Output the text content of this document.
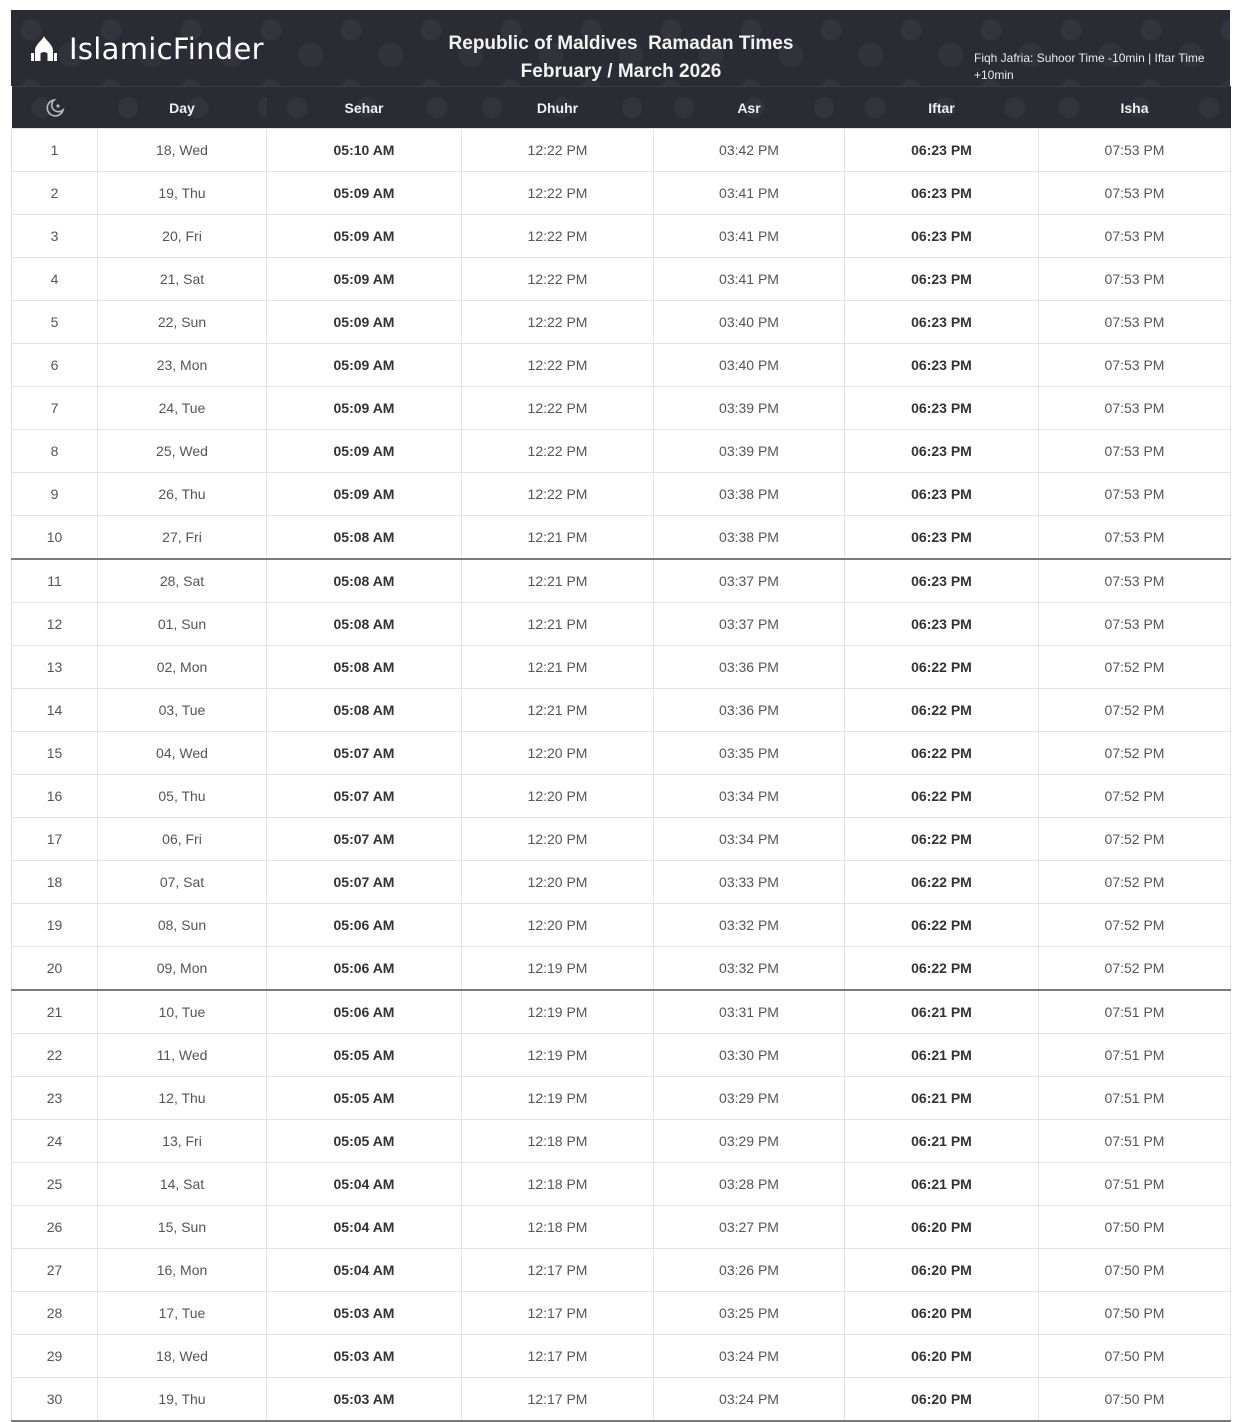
IslamicFinder	Republic of Maldives  Ramadan Times
February / March 2026
Fiqh Jafria: Suhoor Time -10min | Iftar Time +10min
	Day	Sehar	Dhuhr	Asr	Iftar	Isha
1	18, Wed	05:10 AM	12:22 PM	03:42 PM	06:23 PM	07:53 PM
2	19, Thu	05:09 AM	12:22 PM	03:41 PM	06:23 PM	07:53 PM
3	20, Fri	05:09 AM	12:22 PM	03:41 PM	06:23 PM	07:53 PM
4	21, Sat	05:09 AM	12:22 PM	03:41 PM	06:23 PM	07:53 PM
5	22, Sun	05:09 AM	12:22 PM	03:40 PM	06:23 PM	07:53 PM
6	23, Mon	05:09 AM	12:22 PM	03:40 PM	06:23 PM	07:53 PM
7	24, Tue	05:09 AM	12:22 PM	03:39 PM	06:23 PM	07:53 PM
8	25, Wed	05:09 AM	12:22 PM	03:39 PM	06:23 PM	07:53 PM
9	26, Thu	05:09 AM	12:22 PM	03:38 PM	06:23 PM	07:53 PM
10	27, Fri	05:08 AM	12:21 PM	03:38 PM	06:23 PM	07:53 PM
11	28, Sat	05:08 AM	12:21 PM	03:37 PM	06:23 PM	07:53 PM
12	01, Sun	05:08 AM	12:21 PM	03:37 PM	06:23 PM	07:53 PM
13	02, Mon	05:08 AM	12:21 PM	03:36 PM	06:22 PM	07:52 PM
14	03, Tue	05:08 AM	12:21 PM	03:36 PM	06:22 PM	07:52 PM
15	04, Wed	05:07 AM	12:20 PM	03:35 PM	06:22 PM	07:52 PM
16	05, Thu	05:07 AM	12:20 PM	03:34 PM	06:22 PM	07:52 PM
17	06, Fri	05:07 AM	12:20 PM	03:34 PM	06:22 PM	07:52 PM
18	07, Sat	05:07 AM	12:20 PM	03:33 PM	06:22 PM	07:52 PM
19	08, Sun	05:06 AM	12:20 PM	03:32 PM	06:22 PM	07:52 PM
20	09, Mon	05:06 AM	12:19 PM	03:32 PM	06:22 PM	07:52 PM
21	10, Tue	05:06 AM	12:19 PM	03:31 PM	06:21 PM	07:51 PM
22	11, Wed	05:05 AM	12:19 PM	03:30 PM	06:21 PM	07:51 PM
23	12, Thu	05:05 AM	12:19 PM	03:29 PM	06:21 PM	07:51 PM
24	13, Fri	05:05 AM	12:18 PM	03:29 PM	06:21 PM	07:51 PM
25	14, Sat	05:04 AM	12:18 PM	03:28 PM	06:21 PM	07:51 PM
26	15, Sun	05:04 AM	12:18 PM	03:27 PM	06:20 PM	07:50 PM
27	16, Mon	05:04 AM	12:17 PM	03:26 PM	06:20 PM	07:50 PM
28	17, Tue	05:03 AM	12:17 PM	03:25 PM	06:20 PM	07:50 PM
29	18, Wed	05:03 AM	12:17 PM	03:24 PM	06:20 PM	07:50 PM
30	19, Thu	05:03 AM	12:17 PM	03:24 PM	06:20 PM	07:50 PM
